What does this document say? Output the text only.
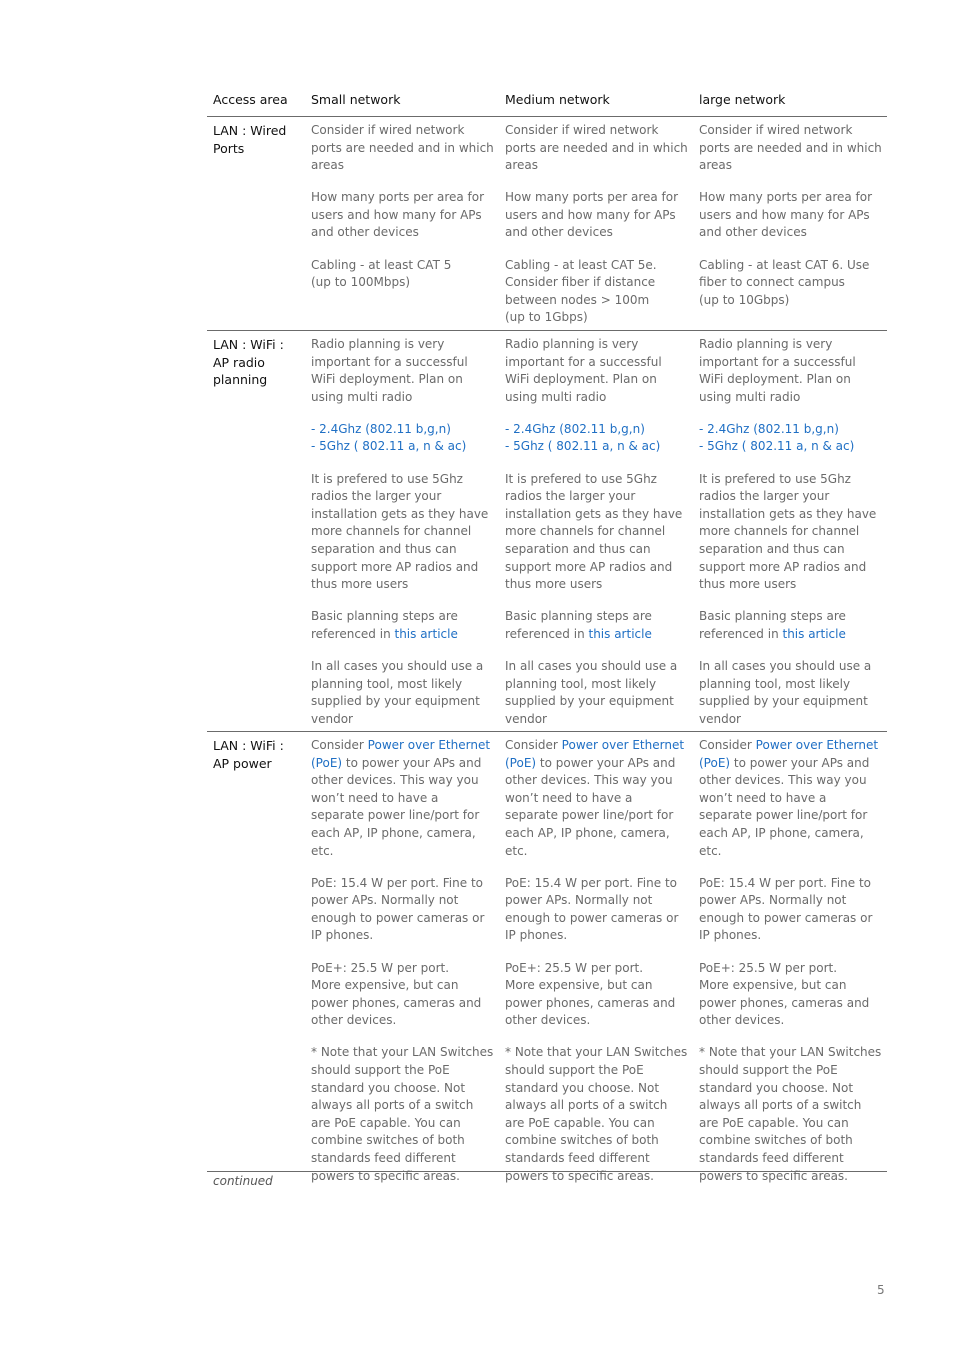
Access area Small network	Medium network	large network
LAN : Wired Ports
Consider if wired network ports are needed and in which areas
How many ports per area for users and how many for APs and other devices
Cabling - at least CAT 5
(up to 100Mbps)
Consider if wired network ports are needed and in which areas
How many ports per area for users and how many for APs and other devices
Cabling - at least CAT 5e. Consider fiber if distance between nodes > 100m
(up to 1Gbps)
Consider if wired network ports are needed and in which areas
How many ports per area for users and how many for APs and other devices
Cabling - at least CAT 6. Use fiber to connect campus
(up to 10Gbps)
LAN : WiFi : AP radio planning
Radio planning is very important for a successful WiFi deployment. Plan on using multi radio
- 2.4Ghz (802.11 b,g,n)
- 5Ghz ( 802.11 a, n & ac)
It is prefered to use 5Ghz radios the larger your installation gets as they have more channels for channel separation and thus can support more AP radios and thus more users
Basic planning steps are referenced in this article
In all cases you should use a planning tool, most likely supplied by your equipment vendor
Radio planning is very important for a successful WiFi deployment. Plan on using multi radio
- 2.4Ghz (802.11 b,g,n)
- 5Ghz ( 802.11 a, n & ac)
It is prefered to use 5Ghz radios the larger your installation gets as they have more channels for channel separation and thus can support more AP radios and thus more users
Basic planning steps are referenced in this article
In all cases you should use a planning tool, most likely supplied by your equipment vendor
Radio planning is very important for a successful WiFi deployment. Plan on using multi radio
- 2.4Ghz (802.11 b,g,n)
- 5Ghz ( 802.11 a, n & ac)
It is prefered to use 5Ghz radios the larger your installation gets as they have more channels for channel separation and thus can support more AP radios and thus more users
Basic planning steps are referenced in this article
In all cases you should use a planning tool, most likely supplied by your equipment vendor
LAN : WiFi : AP power
Consider Power over Ethernet (PoE) to power your APs and other devices. This way you won’t need to have a separate power line/port for each AP, IP phone, camera, etc.
PoE: 15.4 W per port. Fine to power APs. Normally not enough to power cameras or IP phones.
PoE+: 25.5 W per port.
More expensive, but can power phones, cameras and other devices.
* Note that your LAN Switches should support the PoE standard you choose. Not always all ports of a switch are PoE capable. You can combine switches of both standards feed different powers to specific areas.
Consider Power over Ethernet (PoE) to power your APs and other devices. This way you won’t need to have a separate power line/port for each AP, IP phone, camera, etc.
PoE: 15.4 W per port. Fine to power APs. Normally not enough to power cameras or IP phones.
PoE+: 25.5 W per port.
More expensive, but can power phones, cameras and other devices.
* Note that your LAN Switches should support the PoE standard you choose. Not always all ports of a switch are PoE capable. You can combine switches of both standards feed different powers to specific areas.
Consider Power over Ethernet (PoE) to power your APs and other devices. This way you won’t need to have a separate power line/port for each AP, IP phone, camera, etc.
PoE: 15.4 W per port. Fine to power APs. Normally not enough to power cameras or IP phones.
PoE+: 25.5 W per port.
More expensive, but can power phones, cameras and other devices.
* Note that your LAN Switches should support the PoE standard you choose. Not always all ports of a switch are PoE capable. You can combine switches of both standards feed different powers to specific areas.
continued
5
